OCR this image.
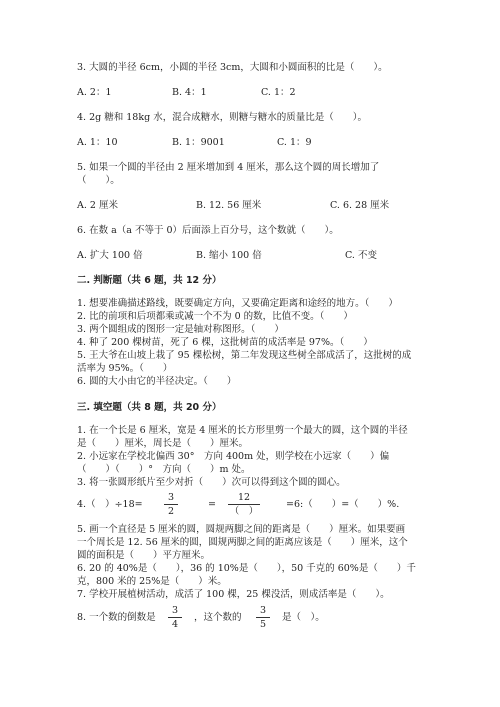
3. 大圆的半径 6cm，小圆的半径 3cm，大圆和小圆面积的比是（　　）。
A. 2：1	B. 4：1	C. 1：2
4. 2g 糖和 18kg 水，混合成糖水，则糖与糖水的质量比是（　　）。
A. 1：10	B. 1：9001	C. 1：9
5. 如果一个圆的半径由 2 厘米增加到 4 厘米，那么这个圆的周长增加了
（　　）。
A. 2 厘米	B. 12. 56 厘米	C. 6. 28 厘米
6. 在数 a（a 不等于 0）后面添上百分号，这个数就（　　）。
A. 扩大 100 倍	B. 缩小 100 倍	C. 不变
二. 判断题（共 6 题，共 12 分）
1. 想要准确描述路线，既要确定方向，又要确定距离和途经的地方。（　　）
2. 比的前项和后项都乘或减一个不为 0 的数，比值不变。（　　）
3. 两个圆组成的图形一定是轴对称图形。（　　）
4. 种了 200 棵树苗，死了 6 棵，这批树苗的成活率是 97%。（　　）
5. 王大爷在山坡上栽了 95 棵松树，第二年发现这些树全部成活了，这批树的成
活率为 95%。（　　）
6. 圆的大小由它的半径决定。（　　）
三. 填空题（共 8 题，共 20 分）
1. 在一个长是 6 厘米，宽是 4 厘米的长方形里剪一个最大的圆，这个圆的半径
是（　　）厘米，周长是（　　）厘米。
2. 小远家在学校北偏西 30°　方向 400m 处，则学校在小远家（　　）偏
（　　）（　　）°　方向（　　）m 处。
3. 将一张圆形纸片至少对折（　　）次可以得到这个圆的圆心。
4.（　）÷18=
3
2
=
12
（　）
=6:（　　）=（　　）%.
5. 画一个直径是 5 厘米的圆，圆规两脚之间的距离是（　　）厘米。如果要画
一个周长是 12. 56 厘米的圆，圆规两脚之间的距离应该是（　　）厘米，这个
圆的面积是（　　）平方厘米。
6. 20 的 40%是（　　），36 的 10%是（　　），50 千克的 60%是（　　）千
克，800 米的 25%是（　　）米。
7. 学校开展植树活动，成活了 100 棵，25 棵没活，则成活率是（　　）。
8. 一个数的倒数是
3
4
，这个数的
3
5
是（　）。
